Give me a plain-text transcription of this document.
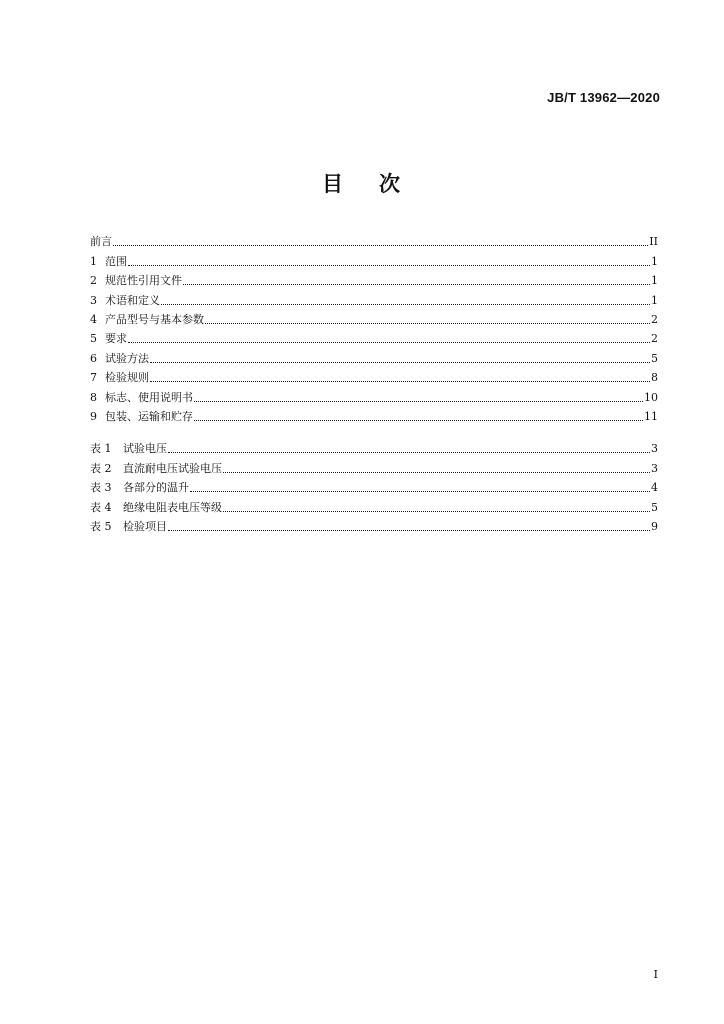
JB/T 13962—2020
目 次
前言	II
1 范围	1
2 规范性引用文件	1
3 术语和定义	1
4 产品型号与基本参数	2
5 要求	2
6 试验方法	5
7 检验规则	8
8 标志、使用说明书	10
9 包装、运输和贮存	11
表 1	试验电压	3
表 2	直流耐电压试验电压	3
表 3	各部分的温升	4
表 4	绝缘电阻表电压等级	5
表 5	检验项目	9
I
